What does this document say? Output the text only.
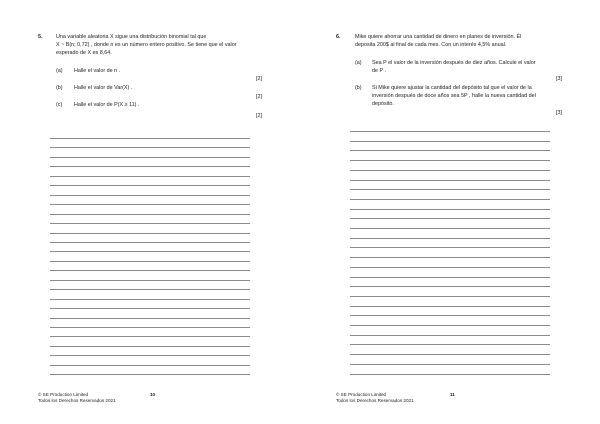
5.	Una variable aleatoria X sigue una distribución binomial tal que
X ~ B(n; 0,72) , donde n es un número entero positivo. Se tiene que el valor
esperado de X es 8,64.
(a) Halle el valor de n .
[2]
(b) Halle el valor de Var(X) .
[2]
(c) Halle el valor de P(X ≥ 11) .
[2]
© SE Production Limited
Todos los Derechos Reservados 2021
10
6.	Mike quiere ahorrar una cantidad de dinero en planes de inversión. Él
deposita 200$ al final de cada mes. Con un interés 4,5% anual.
(a) Sea P el valor de la inversión después de diez años. Calcule el valor
de P .
[3]
(b) Si Mike quiere ajustar la cantidad del depósito tal que el valor de la
inversión después de doce años sea 5P , halle la nueva cantidad del
depósito.
[3]
© SE Production Limited
Todos los Derechos Reservados 2021
11
